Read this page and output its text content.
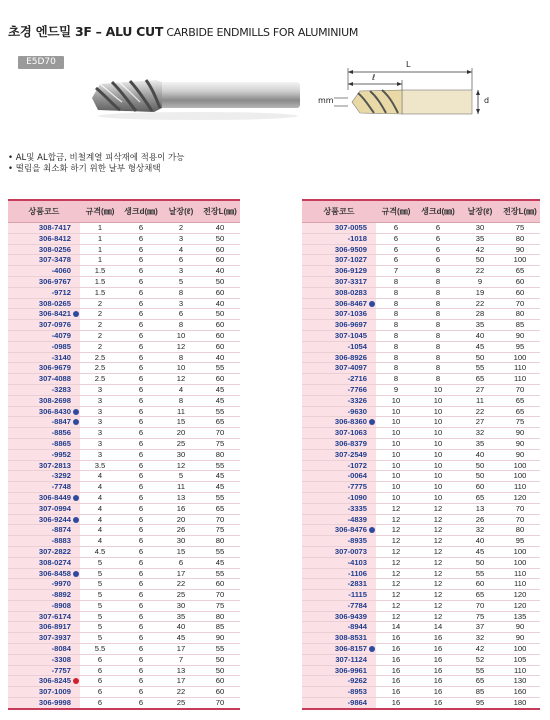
초경 엔드밀 3F – ALU CUT CARBIDE ENDMILLS FOR ALUMINIUM
E5D70	L
ℓ
d
mm
• AL및 AL합금, 비철계열 피삭재에 적용이 가능
• 떨림을 최소화 하기 위한 날부 형상채택
상품코드	규격(㎜)	생크d(㎜)	날장(ℓ)	전장L(㎜)
308-7417	1	6	2	40
306-8412	1	6	3	50
308-0256	1	6	4	60
307-3478	1	6	6	60
-4060	1.5	6	3	40
306-9767	1.5	6	5	50
-9712	1.5	6	8	60
308-0265	2	6	3	40
306-8421	2	6	6	50
307-0976	2	6	8	60
-4079	2	6	10	60
-0985	2	6	12	60
-3140	2.5	6	8	40
306-9679	2.5	6	10	55
307-4088	2.5	6	12	60
-3283	3	6	4	45
308-2698	3	6	8	45
306-8430	3	6	11	55
-8847	3	6	15	65
-8856	3	6	20	70
-8865	3	6	25	75
-9952	3	6	30	80
307-2813	3.5	6	12	55
-3292	4	6	5	45
-7748	4	6	11	45
306-8449	4	6	13	55
307-0994	4	6	16	65
306-9244	4	6	20	70
-8874	4	6	26	75
-8883	4	6	30	80
307-2822	4.5	6	15	55
308-0274	5	6	6	45
306-8458	5	6	17	55
-9970	5	6	22	60
-8892	5	6	25	70
-8908	5	6	30	75
307-6174	5	6	35	80
306-8917	5	6	40	85
307-3937	5	6	45	90
-8084	5.5	6	17	55
-3308	6	6	7	50
-7757	6	6	13	50
306-8245	6	6	17	60
307-1009	6	6	22	60
306-9998	6	6	25	70
상품코드	규격(㎜)	생크d(㎜)	날장(ℓ)	전장L(㎜)
307-0055	6	6	30	75
-1018	6	6	35	80
306-9509	6	6	42	90
307-1027	6	6	50	100
306-9129	7	8	22	65
307-3317	8	8	9	60
308-0283	8	8	19	60
306-8467	8	8	22	70
307-1036	8	8	28	80
306-9697	8	8	35	85
307-1045	8	8	40	90
-1054	8	8	45	95
306-8926	8	8	50	100
307-4097	8	8	55	110
-2716	8	8	65	110
-7766	9	10	27	70
-3326	10	10	11	65
-9630	10	10	22	65
306-8360	10	10	27	75
307-1063	10	10	32	90
306-8379	10	10	35	90
307-2549	10	10	40	90
-1072	10	10	50	100
-0064	10	10	50	100
-7775	10	10	60	110
-1090	10	10	65	120
-3335	12	12	13	70
-4839	12	12	26	70
306-8476	12	12	32	80
-8935	12	12	40	95
307-0073	12	12	45	100
-4103	12	12	50	100
-1106	12	12	55	110
-2831	12	12	60	110
-1115	12	12	65	120
-7784	12	12	70	120
306-9439	12	12	75	135
-8944	14	14	37	90
308-8531	16	16	32	90
306-8157	16	16	42	100
307-1124	16	16	52	105
306-9961	16	16	55	110
-9262	16	16	65	130
-8953	16	16	85	160
-9864	16	16	95	180
